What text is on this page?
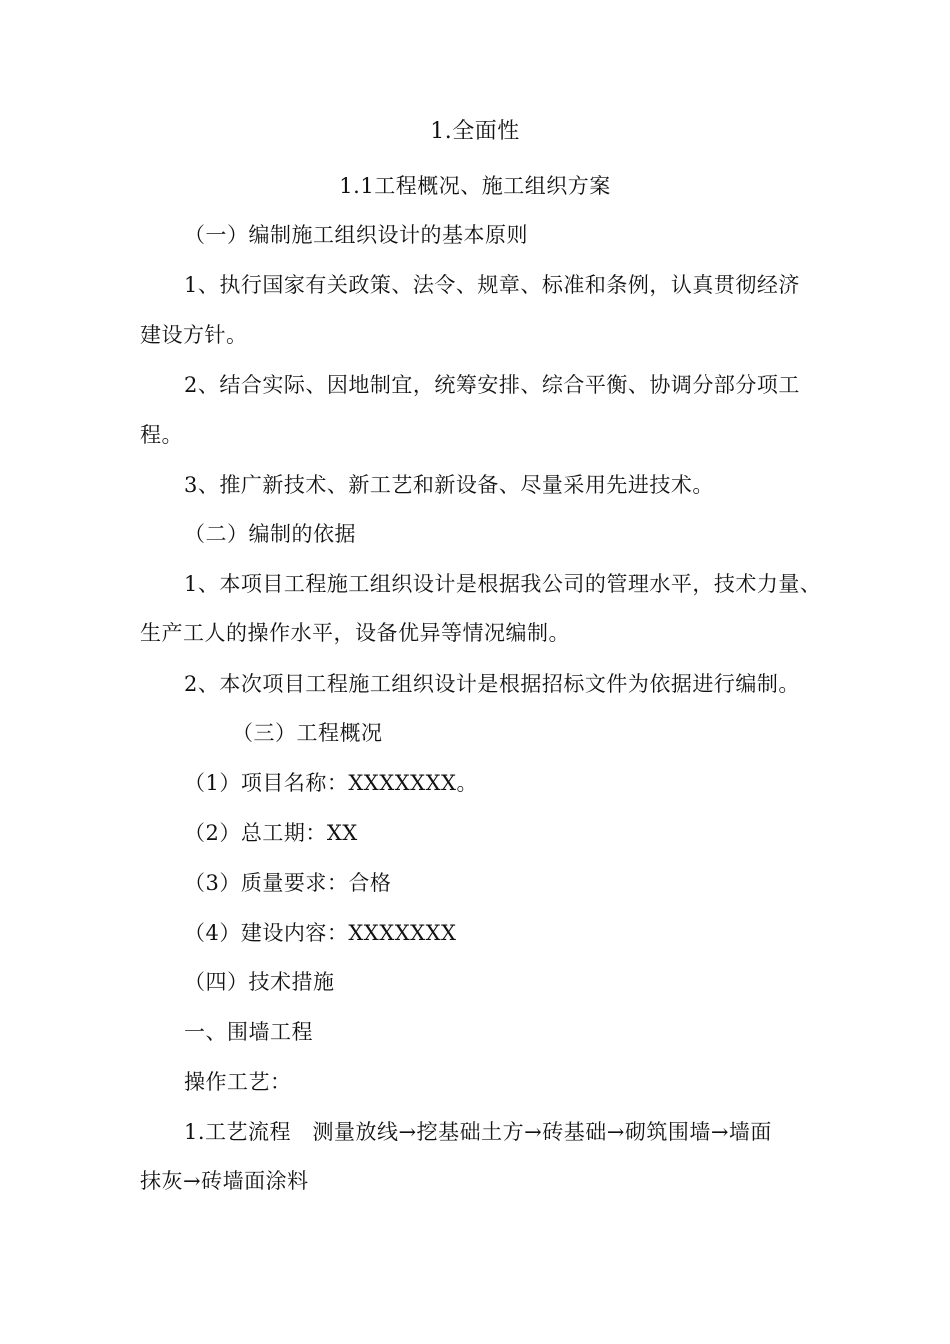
1.全面性
1.1工程概况、施工组织方案
（一）编制施工组织设计的基本原则
1、执行国家有关政策、法令、规章、标准和条例，认真贯彻经济
建设方针。
2、结合实际、因地制宜，统筹安排、综合平衡、协调分部分项工
程。
3、推广新技术、新工艺和新设备、尽量采用先进技术。
（二）编制的依据
1、本项目工程施工组织设计是根据我公司的管理水平，技术力量、
生产工人的操作水平，设备优异等情况编制。
2、本次项目工程施工组织设计是根据招标文件为依据进行编制。
（三）工程概况
（1）项目名称：XXXXXXX。
（2）总工期：XX
（3）质量要求：合格
（4）建设内容：XXXXXXX
（四）技术措施
一、围墙工程
操作工艺：
1.工艺流程　测量放线→挖基础土方→砖基础→砌筑围墙→墙面
抹灰→砖墙面涂料
